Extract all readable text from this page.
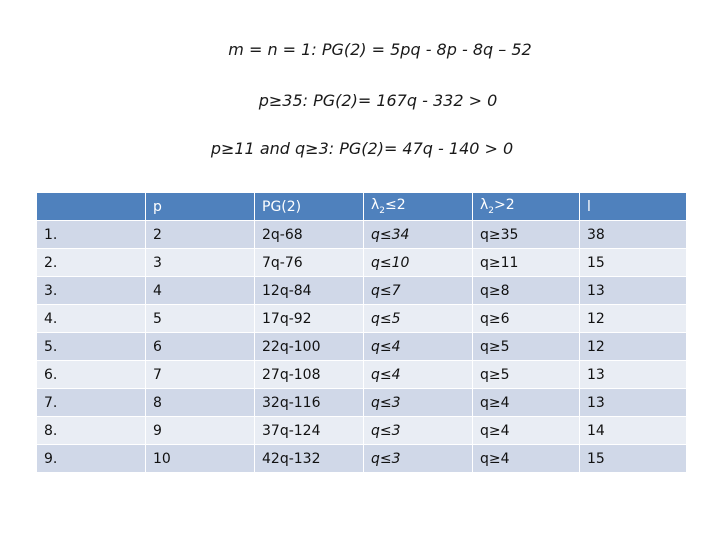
m = n = 1: PG(2) = 5pq - 8p - 8q – 52
p≥35: PG(2)= 167q - 332 > 0
p≥11 and q≥3: PG(2)= 47q - 140 > 0
	p	PG(2)	$\lambda_2\le 2$	$\lambda_2>2$	l
1.	2	2q-68	q≤34	q≥35	38
2.	3	7q-76	q≤10	q≥11	15
3.	4	12q-84	q≤7	q≥8	13
4.	5	17q-92	q≤5	q≥6	12
5.	6	22q-100	q≤4	q≥5	12
6.	7	27q-108	q≤4	q≥5	13
7.	8	32q-116	q≤3	q≥4	13
8.	9	37q-124	q≤3	q≥4	14
9.	10	42q-132	q≤3	q≥4	15
